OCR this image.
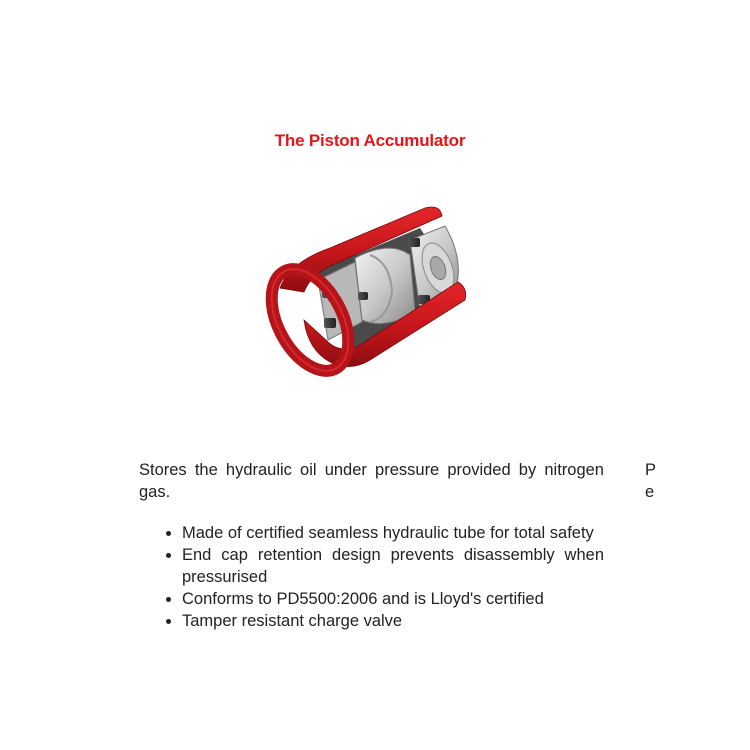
The Piston Accumulator

Stores the hydraulic oil under pressure provided by nitrogen gas.

• Made of certified seamless hydraulic tube for total safety
• End cap retention design prevents disassembly when pressurised
• Conforms to PD5500:2006 and is Lloyd's certified
• Tamper resistant charge valve
P
e
